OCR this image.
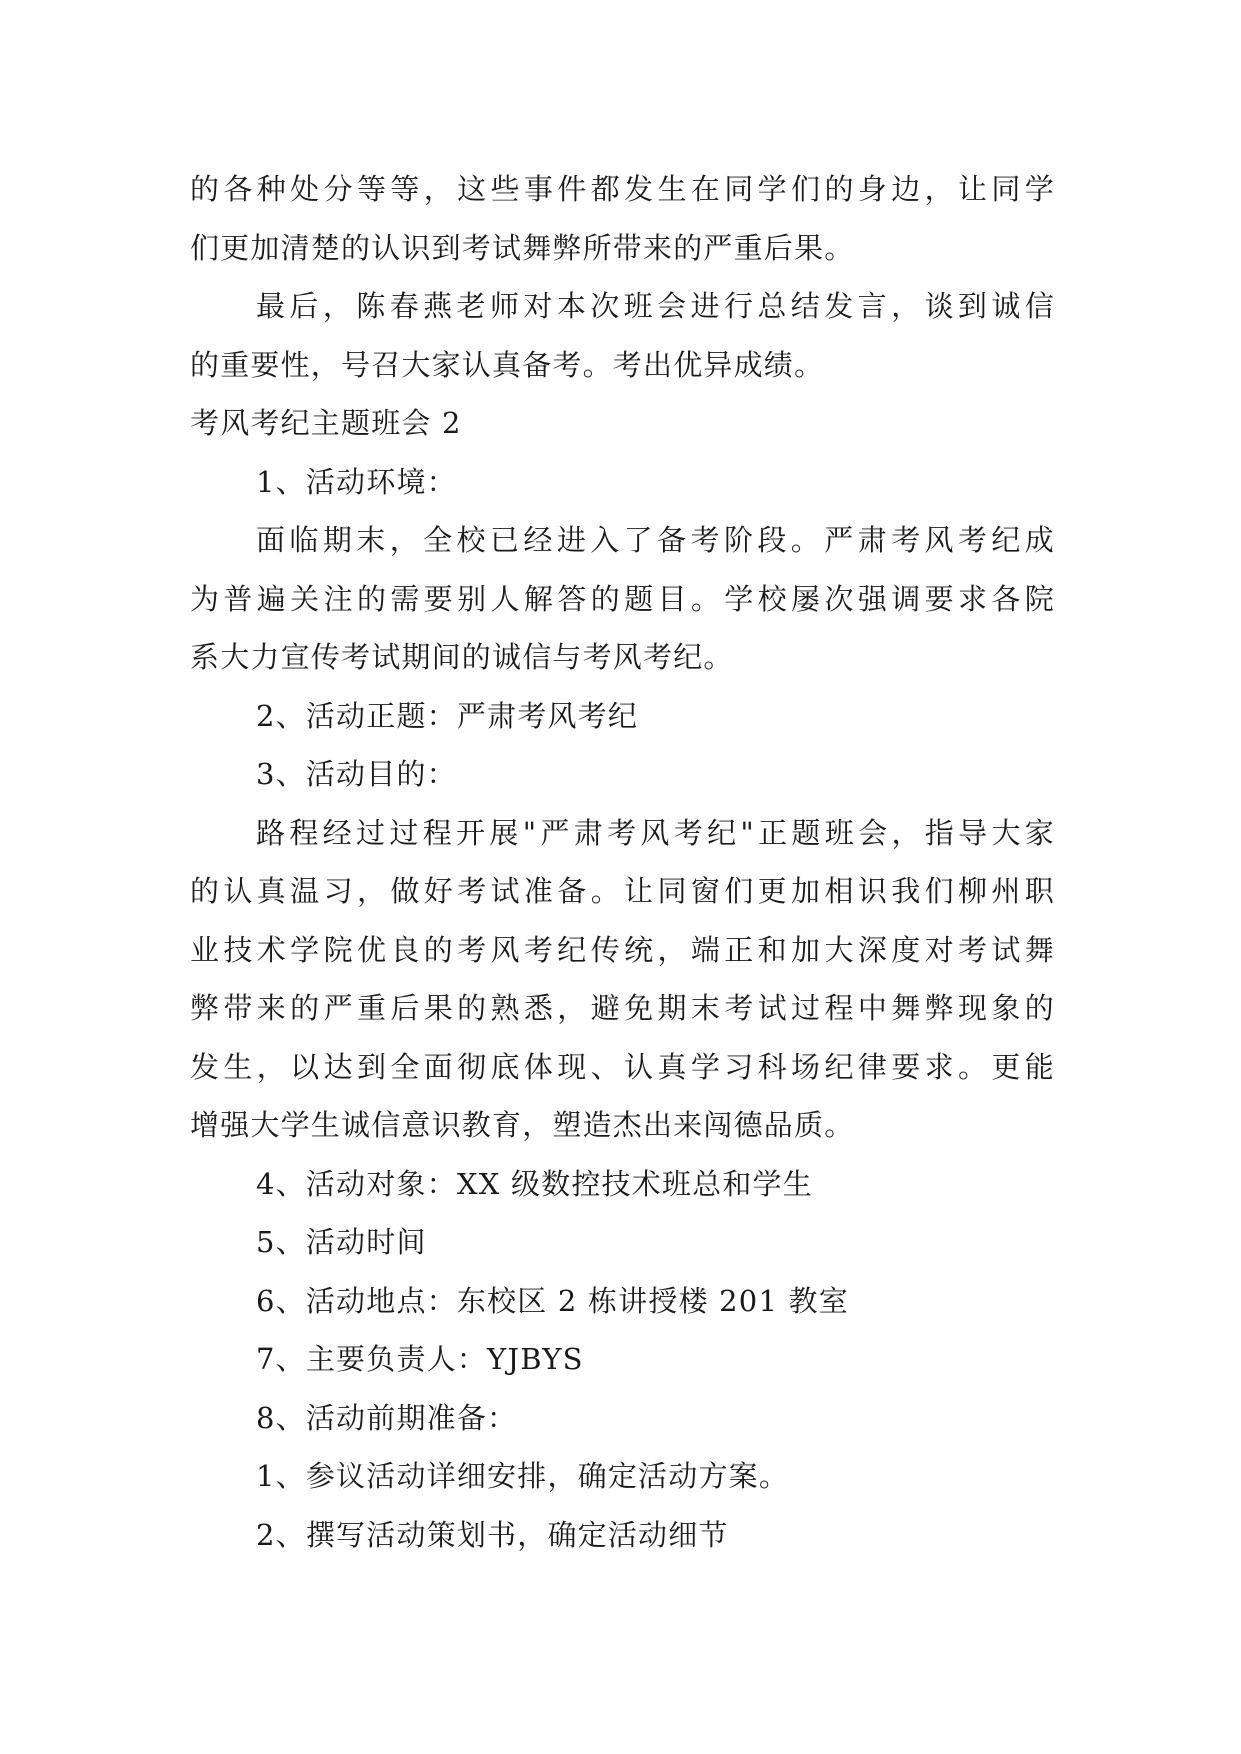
的各种处分等等，这些事件都发生在同学们的身边，让同学
们更加清楚的认识到考试舞弊所带来的严重后果。
最后，陈春燕老师对本次班会进行总结发言，谈到诚信
的重要性，号召大家认真备考。考出优异成绩。
考风考纪主题班会 2
1、活动环境：
面临期末，全校已经进入了备考阶段。严肃考风考纪成
为普遍关注的需要别人解答的题目。学校屡次强调要求各院
系大力宣传考试期间的诚信与考风考纪。
2、活动正题：严肃考风考纪
3、活动目的：
路程经过过程开展"严肃考风考纪"正题班会，指导大家
的认真温习，做好考试准备。让同窗们更加相识我们柳州职
业技术学院优良的考风考纪传统，端正和加大深度对考试舞
弊带来的严重后果的熟悉，避免期末考试过程中舞弊现象的
发生，以达到全面彻底体现、认真学习科场纪律要求。更能
增强大学生诚信意识教育，塑造杰出来闯德品质。
4、活动对象：XX 级数控技术班总和学生
5、活动时间
6、活动地点：东校区 2 栋讲授楼 201 教室
7、主要负责人：YJBYS
8、活动前期准备：
1、参议活动详细安排，确定活动方案。
2、撰写活动策划书，确定活动细节
